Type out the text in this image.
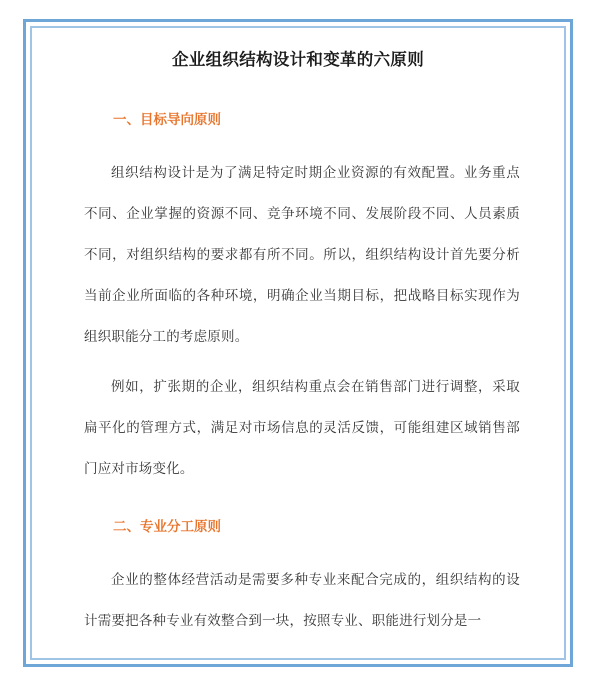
企业组织结构设计和变革的六原则
一、目标导向原则
组织结构设计是为了满足特定时期企业资源的有效配置。业务重点不同、企业掌握的资源不同、竞争环境不同、发展阶段不同、人员素质不同，对组织结构的要求都有所不同。所以，组织结构设计首先要分析当前企业所面临的各种环境，明确企业当期目标，把战略目标实现作为组织职能分工的考虑原则。
例如，扩张期的企业，组织结构重点会在销售部门进行调整，采取扁平化的管理方式，满足对市场信息的灵活反馈，可能组建区域销售部门应对市场变化。
二、专业分工原则
企业的整体经营活动是需要多种专业来配合完成的，组织结构的设计需要把各种专业有效整合到一块，按照专业、职能进行划分是一
